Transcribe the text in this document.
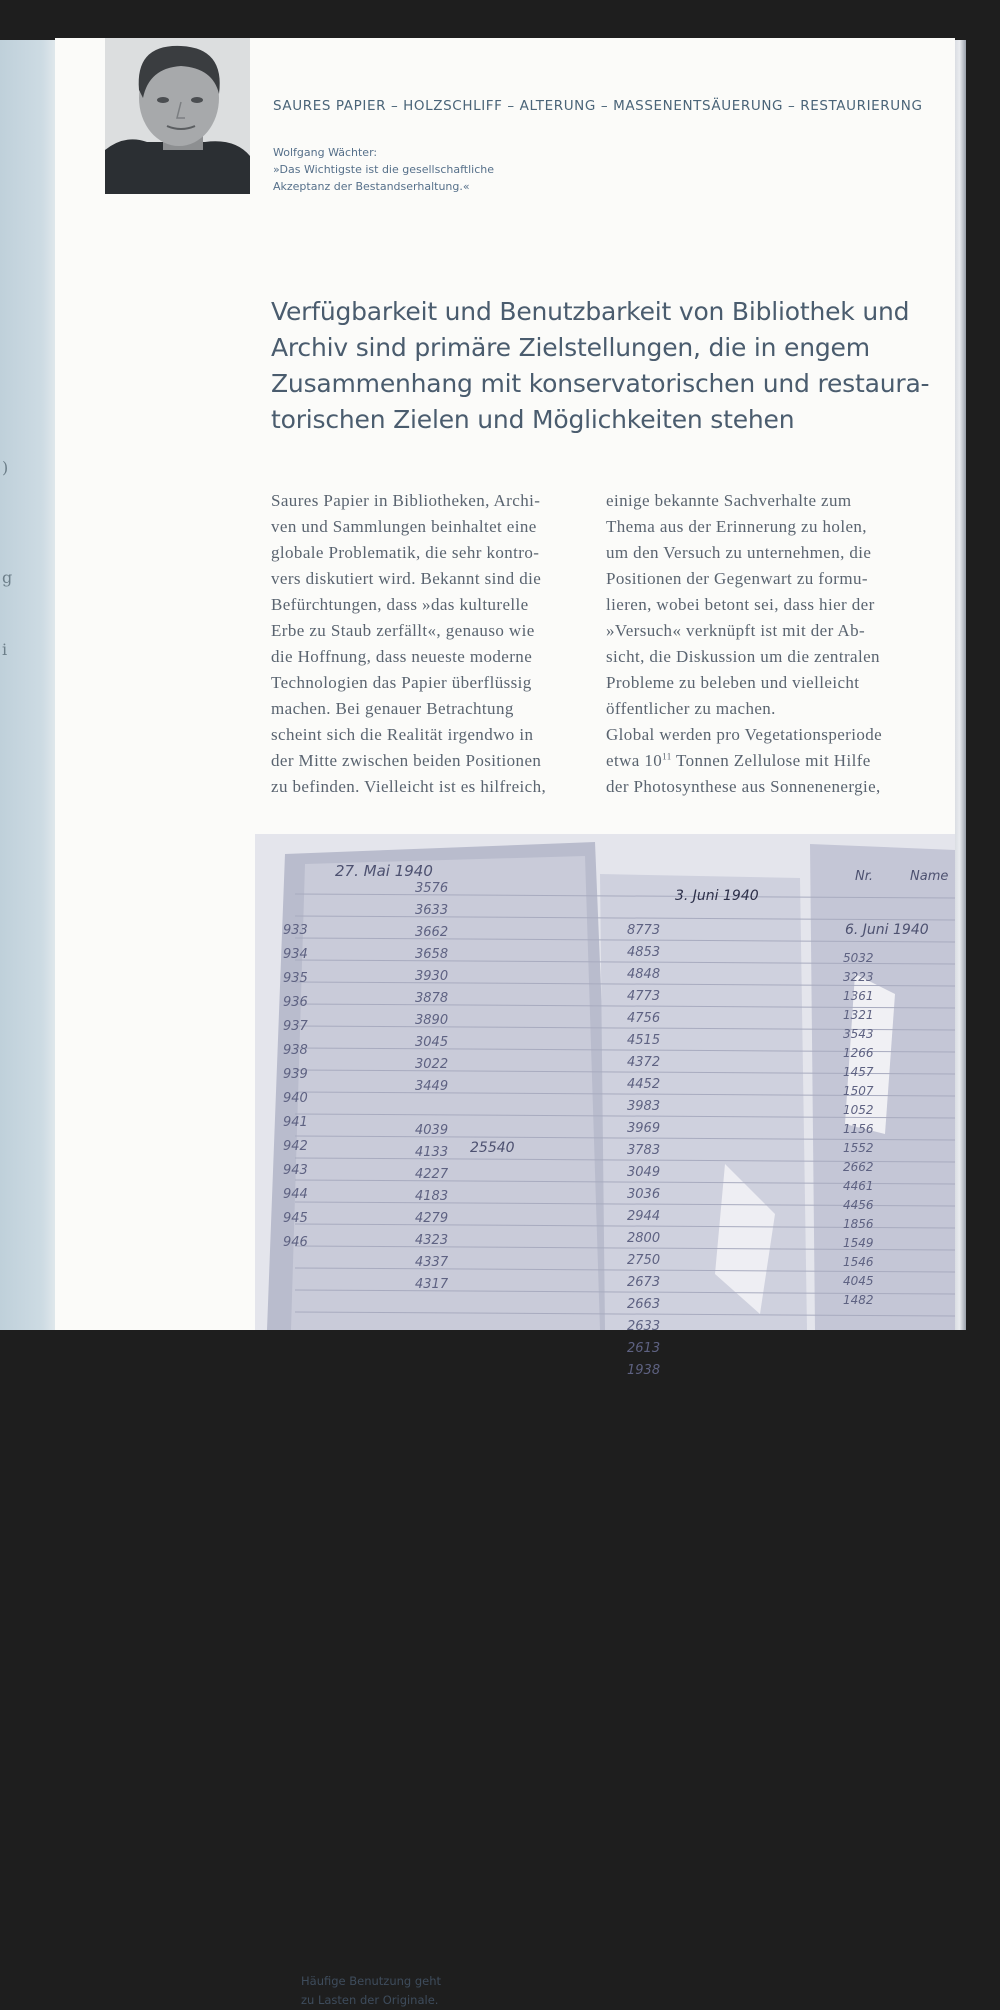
)
g
i
SAURES PAPIER – HOLZSCHLIFF – ALTERUNG – MASSENENTSÄUERUNG – RESTAURIERUNG
Wolfgang Wächter:
»Das Wichtigste ist die gesellschaftliche
Akzeptanz der Bestandserhaltung.«
Verfügbarkeit und Benutzbarkeit von Bibliothek und
Archiv sind primäre Zielstellungen, die in engem
Zusammenhang mit konservatorischen und restaura-
torischen Zielen und Möglichkeiten stehen
Saures Papier in Bibliotheken, Archi-
ven und Sammlungen beinhaltet eine
globale Problematik, die sehr kontro-
vers diskutiert wird. Bekannt sind die
Befürchtungen, dass »das kulturelle
Erbe zu Staub zerfällt«, genauso wie
die Hoffnung, dass neueste moderne
Technologien das Papier überflüssig
machen. Bei genauer Betrachtung
scheint sich die Realität irgendwo in
der Mitte zwischen beiden Positionen
zu befinden. Vielleicht ist es hilfreich,
einige bekannte Sachverhalte zum
Thema aus der Erinnerung zu holen,
um den Versuch zu unternehmen, die
Positionen der Gegenwart zu formu-
lieren, wobei betont sei, dass hier der
»Versuch« verknüpft ist mit der Ab-
sicht, die Diskussion um die zentralen
Probleme zu beleben und vielleicht
öffentlicher zu machen.
Global werden pro Vegetationsperiode
etwa $10^{11}$ Tonnen Zellulose mit Hilfe
der Photosynthese aus Sonnenenergie,
27. Mai 1940
3. Juni 1940
6. Juni 1940
Nr.	Name
933
934
935
936
937
938
939
940
941
942
943
944
945
946
3576
3633
3662
3658
3930
3878
3890
3045
3022
3449
4039
4133
4227
4183
4279
4323
4337
4317
8773
4853
4848
4773
4756
4515
4372
4452
3983
3969
3783
3049
3036
2944
2800
2750
2673
2663
2633
2613
1938
5032
3223
1361
1321
3543
1266
1457
1507
1052
1156
1552
2662
4461
4456
1856
1549
1546
4045
1482
25540
Häufige Benutzung geht
zu Lasten der Originale.
